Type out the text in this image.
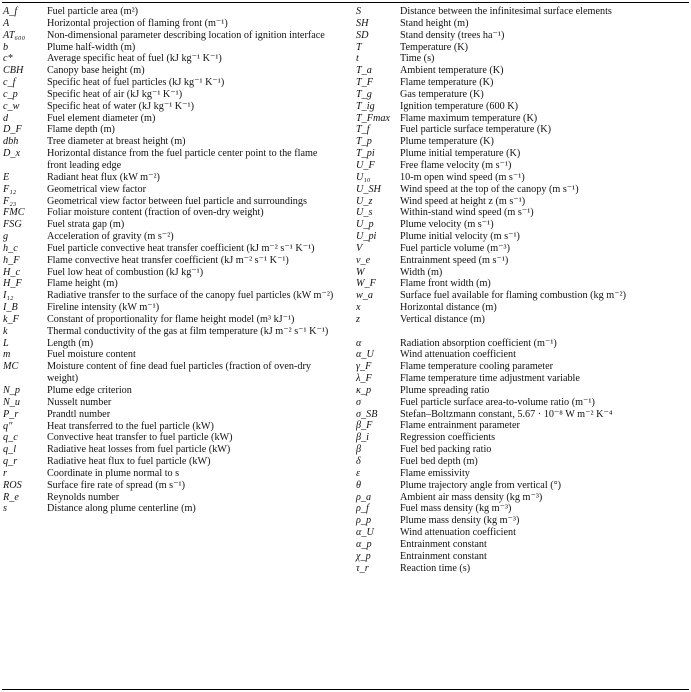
A_f	Fuel particle area (m²)
A	Horizontal projection of flaming front (m⁻¹)
AT₆₀₀	Non-dimensional parameter describing location of ignition interface
b	Plume half-width (m)
c*	Average specific heat of fuel (kJ kg⁻¹ K⁻¹)
CBH	Canopy base height (m)
c_f	Specific heat of fuel particles (kJ kg⁻¹ K⁻¹)
c_p	Specific heat of air (kJ kg⁻¹ K⁻¹)
c_w	Specific heat of water (kJ kg⁻¹ K⁻¹)
d	Fuel element diameter (m)
D_F	Flame depth (m)
dbh	Tree diameter at breast height (m)
D_x	Horizontal distance from the fuel particle center point to the flame front leading edge
E	Radiant heat flux (kW m⁻²)
F₁₂	Geometrical view factor
F₂₃	Geometrical view factor between fuel particle and surroundings
FMC	Foliar moisture content (fraction of oven-dry weight)
FSG	Fuel strata gap (m)
g	Acceleration of gravity (m s⁻²)
h_c	Fuel particle convective heat transfer coefficient (kJ m⁻² s⁻¹ K⁻¹)
h_F	Flame convective heat transfer coefficient (kJ m⁻² s⁻¹ K⁻¹)
H_c	Fuel low heat of combustion (kJ kg⁻¹)
H_F	Flame height (m)
I₁₂	Radiative transfer to the surface of the canopy fuel particles (kW m⁻²)
I_B	Fireline intensity (kW m⁻¹)
k_F	Constant of proportionality for flame height model (m³ kJ⁻¹)
k	Thermal conductivity of the gas at film temperature (kJ m⁻² s⁻¹ K⁻¹)
L	Length (m)
m	Fuel moisture content
MC	Moisture content of fine dead fuel particles (fraction of oven-dry weight)
N_p	Plume edge criterion
N_u	Nusselt number
P_r	Prandtl number
q″	Heat transferred to the fuel particle (kW)
q_c	Convective heat transfer to fuel particle (kW)
q_l	Radiative heat losses from fuel particle (kW)
q_r	Radiative heat flux to fuel particle (kW)
r	Coordinate in plume normal to s
ROS	Surface fire rate of spread (m s⁻¹)
R_e	Reynolds number
s	Distance along plume centerline (m)
S	Distance between the infinitesimal surface elements
SH	Stand height (m)
SD	Stand density (trees ha⁻¹)
T	Temperature (K)
t	Time (s)
T_a	Ambient temperature (K)
T_F	Flame temperature (K)
T_g	Gas temperature (K)
T_ig	Ignition temperature (600 K)
T_Fmax Flame maximum temperature (K)
T_f	Fuel particle surface temperature (K)
T_p	Plume temperature (K)
T_pi	Plume initial temperature (K)
U_F	Free flame velocity (m s⁻¹)
U₁₀	10-m open wind speed (m s⁻¹)
U_SH	Wind speed at the top of the canopy (m s⁻¹)
U_z	Wind speed at height z (m s⁻¹)
U_s	Within-stand wind speed (m s⁻¹)
U_p	Plume velocity (m s⁻¹)
U_pi	Plume initial velocity (m s⁻¹)
V	Fuel particle volume (m⁻³)
v_e	Entrainment speed (m s⁻¹)
W	Width (m)
W_F	Flame front width (m)
w_a	Surface fuel available for flaming combustion (kg m⁻²)
x	Horizontal distance (m)
z	Vertical distance (m)
α	Radiation absorption coefficient (m⁻¹)
α_U	Wind attenuation coefficient
γ_F	Flame temperature cooling parameter
λ_F	Flame temperature time adjustment variable
κ_p	Plume spreading ratio
σ	Fuel particle surface area-to-volume ratio (m⁻¹)
σ_SB	Stefan–Boltzmann constant, 5.67 · 10⁻⁸ W m⁻² K⁻⁴
β_F	Flame entrainment parameter
β_i	Regression coefficients
β	Fuel bed packing ratio
δ	Fuel bed depth (m)
ε	Flame emissivity
θ	Plume trajectory angle from vertical (°)
ρ_a	Ambient air mass density (kg m⁻³)
ρ_f	Fuel mass density (kg m⁻³)
ρ_p	Plume mass density (kg m⁻³)
α_U	Wind attenuation coefficient
α_p	Entrainment constant
χ_p	Entrainment constant
τ_r	Reaction time (s)
